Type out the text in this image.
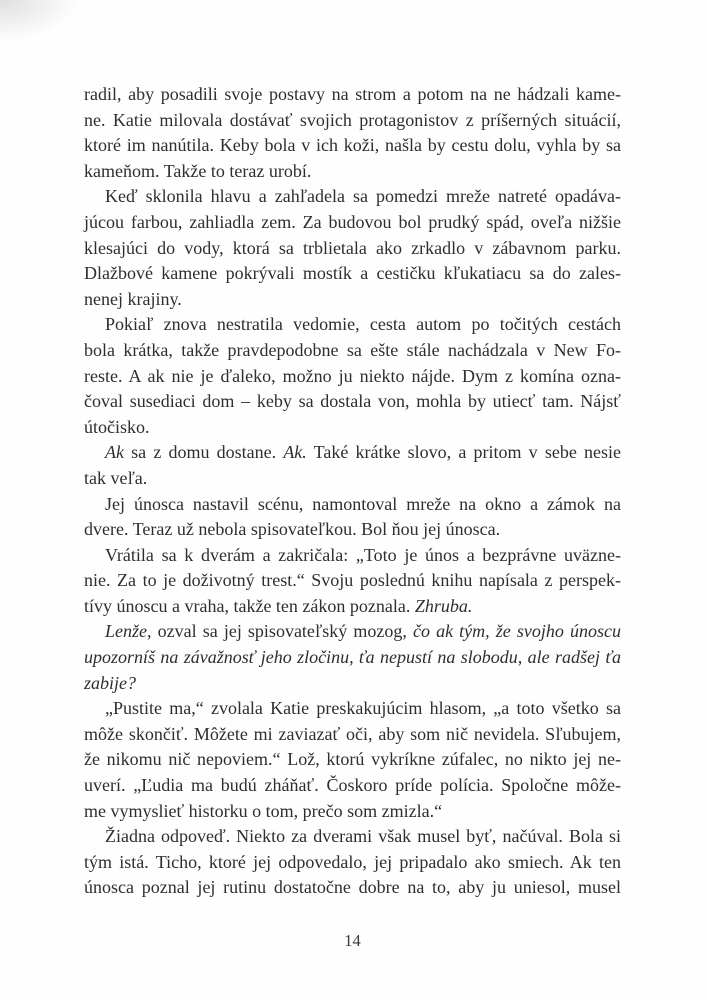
radil, aby posadili svoje postavy na strom a potom na ne hádzali kame-
ne. Katie milovala dostávať svojich protagonistov z príšerných situácií,
ktoré im nanútila. Keby bola v ich koži, našla by cestu dolu, vyhla by sa
kameňom. Takže to teraz urobí.
Keď sklonila hlavu a zahľadela sa pomedzi mreže natreté opadáva-
júcou farbou, zahliadla zem. Za budovou bol prudký spád, oveľa nižšie
klesajúci do vody, ktorá sa trblietala ako zrkadlo v zábavnom parku.
Dlažbové kamene pokrývali mostík a cestičku kľukatiacu sa do zales-
nenej krajiny.
Pokiaľ znova nestratila vedomie, cesta autom po točitých cestách
bola krátka, takže pravdepodobne sa ešte stále nachádzala v New Fo-
reste. A ak nie je ďaleko, možno ju niekto nájde. Dym z komína ozna-
čoval susediaci dom – keby sa dostala von, mohla by utiecť tam. Nájsť
útočisko.
Ak sa z domu dostane. Ak. Také krátke slovo, a pritom v sebe nesie
tak veľa.
Jej únosca nastavil scénu, namontoval mreže na okno a zámok na
dvere. Teraz už nebola spisovateľkou. Bol ňou jej únosca.
Vrátila sa k dverám a zakričala: „Toto je únos a bezprávne uväzne-
nie. Za to je doživotný trest.“ Svoju poslednú knihu napísala z perspek-
tívy únoscu a vraha, takže ten zákon poznala. Zhruba.
Lenže, ozval sa jej spisovateľský mozog, čo ak tým, že svojho únoscu
upozorníš na závažnosť jeho zločinu, ťa nepustí na slobodu, ale radšej ťa
zabije?
„Pustite ma,“ zvolala Katie preskakujúcim hlasom, „a toto všetko sa
môže skončiť. Môžete mi zaviazať oči, aby som nič nevidela. Sľubujem,
že nikomu nič nepoviem.“ Lož, ktorú vykríkne zúfalec, no nikto jej ne-
uverí. „Ľudia ma budú zháňať. Čoskoro príde polícia. Spoločne môže-
me vymyslieť historku o tom, prečo som zmizla.“
Žiadna odpoveď. Niekto za dverami však musel byť, načúval. Bola si
tým istá. Ticho, ktoré jej odpovedalo, jej pripadalo ako smiech. Ak ten
únosca poznal jej rutinu dostatočne dobre na to, aby ju uniesol, musel
14
